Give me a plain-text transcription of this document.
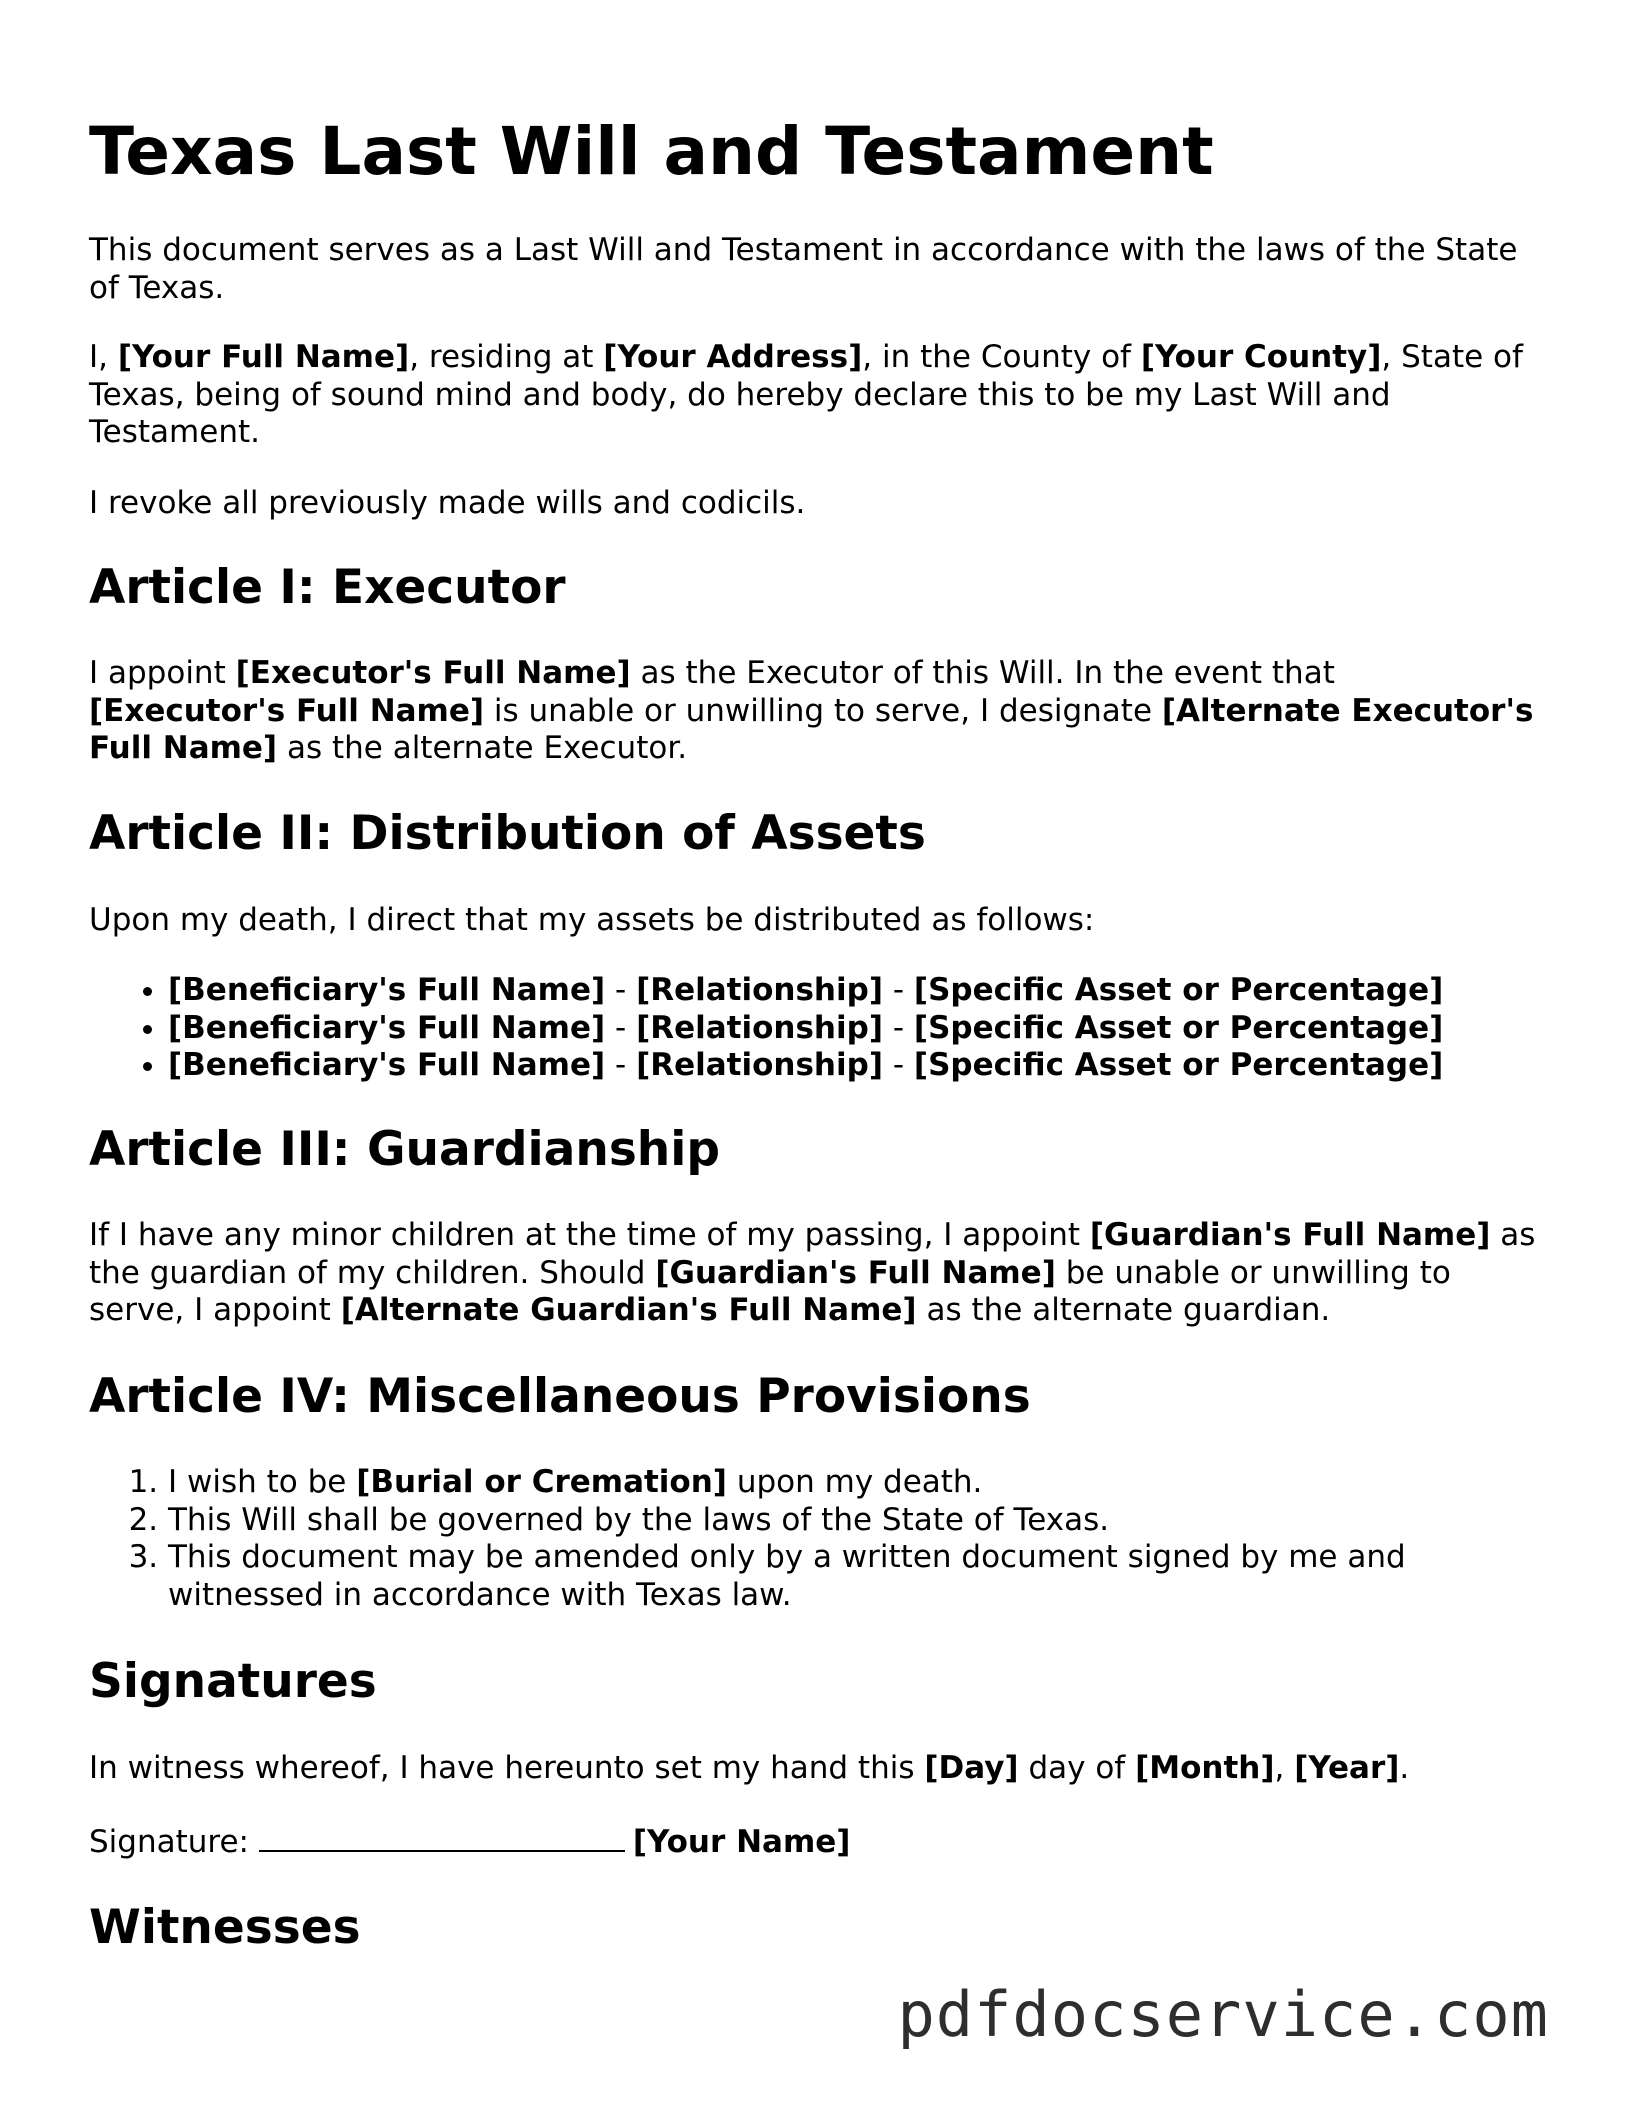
Texas Last Will and Testament

This document serves as a Last Will and Testament in accordance with the laws of the State of Texas.

I, [Your Full Name], residing at [Your Address], in the County of [Your County], State of Texas, being of sound mind and body, do hereby declare this to be my Last Will and Testament.

I revoke all previously made wills and codicils.

Article I: Executor

I appoint [Executor's Full Name] as the Executor of this Will. In the event that [Executor's Full Name] is unable or unwilling to serve, I designate [Alternate Executor's Full Name] as the alternate Executor.

Article II: Distribution of Assets

Upon my death, I direct that my assets be distributed as follows:

• [Beneficiary's Full Name] - [Relationship] - [Specific Asset or Percentage]
• [Beneficiary's Full Name] - [Relationship] - [Specific Asset or Percentage]
• [Beneficiary's Full Name] - [Relationship] - [Specific Asset or Percentage]
Article III: Guardianship

If I have any minor children at the time of my passing, I appoint [Guardian's Full Name] as the guardian of my children. Should [Guardian's Full Name] be unable or unwilling to serve, I appoint [Alternate Guardian's Full Name] as the alternate guardian.

Article IV: Miscellaneous Provisions
1. I wish to be [Burial or Cremation] upon my death.
2. This Will shall be governed by the laws of the State of Texas.
3. This document may be amended only by a written document signed by me and witnessed in accordance with Texas law.
Signatures

In witness whereof, I have hereunto set my hand this [Day] day of [Month], [Year].

Signature:	[Your Name]

Witnesses
pdfdocservice.com
